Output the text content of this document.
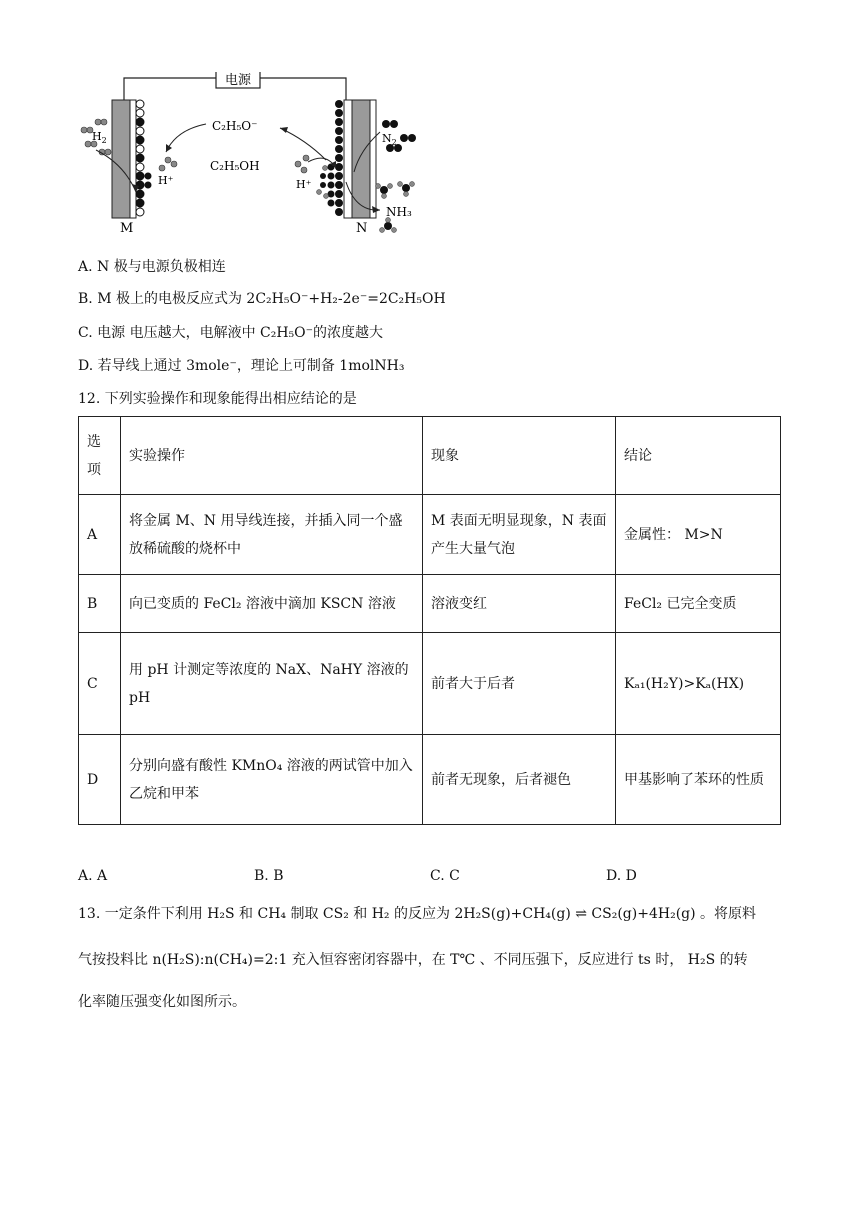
电源
M
$H_2$
H⁺
C₂H₅O⁻
C₂H₅OH
N
H⁺
$N_2$
NH₃
A. N 极与电源负极相连
B. M 极上的电极反应式为 2C₂H₅O⁻+H₂-2e⁻=2C₂H₅OH
C. 电源 电压越大，电解液中 C₂H₅O⁻的浓度越大
D. 若导线上通过 3mole⁻，理论上可制备 1molNH₃
12. 下列实验操作和现象能得出相应结论的是
选项	实验操作	现象	结论
A	将金属 M、N 用导线连接，并插入同一个盛放稀硫酸的烧杯中	M 表面无明显现象，N 表面产生大量气泡	金属性： M>N
B	向已变质的 FeCl₂ 溶液中滴加 KSCN 溶液	溶液变红	FeCl₂ 已完全变质
C	用 pH 计测定等浓度的 NaX、NaHY 溶液的 pH	前者大于后者	Kₐ₁(H₂Y)>Kₐ(HX)
D	分别向盛有酸性 KMnO₄ 溶液的两试管中加入乙烷和甲苯	前者无现象，后者褪色	甲基影响了苯环的性质
A. A	B. B	C. C	D. D
13. 一定条件下利用 H₂S 和 CH₄ 制取 CS₂ 和 H₂ 的反应为 2H₂S(g)+CH₄(g) ⇌ CS₂(g)+4H₂(g) 。将原料
气按投料比 n(H₂S):n(CH₄)=2:1 充入恒容密闭容器中，在 T℃ 、不同压强下，反应进行 ts 时， H₂S 的转
化率随压强变化如图所示。
